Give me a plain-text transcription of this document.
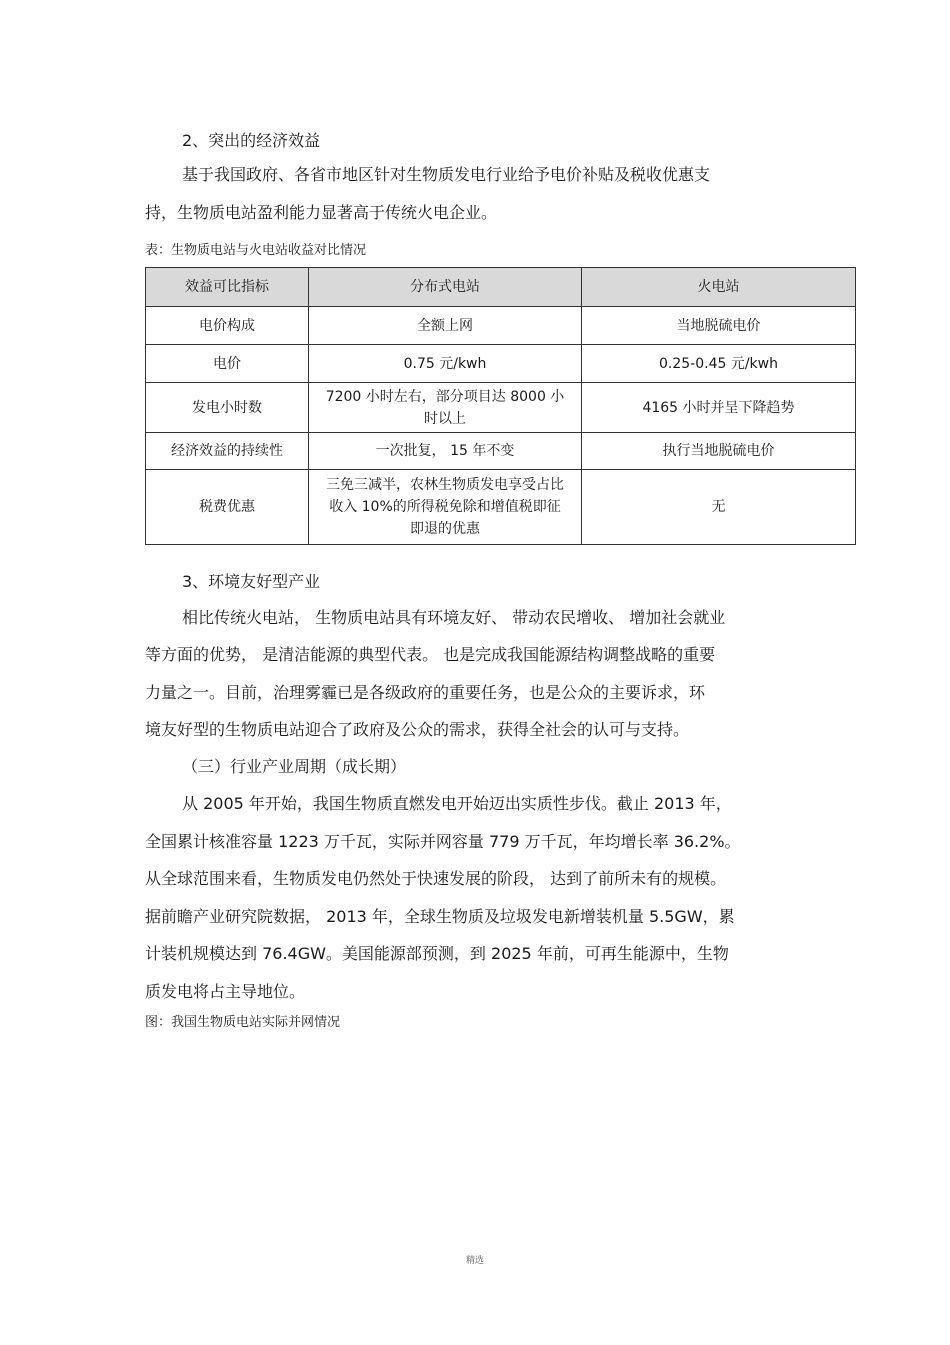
2、突出的经济效益
基于我国政府、各省市地区针对生物质发电行业给予电价补贴及税收优惠支
持，生物质电站盈利能力显著高于传统火电企业。
表：生物质电站与火电站收益对比情况
效益可比指标	分布式电站	火电站
电价构成	全额上网	当地脱硫电价
电价	0.75 元/kwh	0.25-0.45 元/kwh
发电小时数	7200 小时左右，部分项目达 8000 小时以上	4165 小时并呈下降趋势
经济效益的持续性	一次批复， 15 年不变	执行当地脱硫电价
税费优惠	三免三减半，农林生物质发电享受占比收入 10%的所得税免除和增值税即征即退的优惠	无
3、环境友好型产业
相比传统火电站， 生物质电站具有环境友好、 带动农民增收、 增加社会就业
等方面的优势， 是清洁能源的典型代表。 也是完成我国能源结构调整战略的重要
力量之一。目前，治理雾霾已是各级政府的重要任务，也是公众的主要诉求，环
境友好型的生物质电站迎合了政府及公众的需求，获得全社会的认可与支持。
（三）行业产业周期（成长期）
从 2005 年开始，我国生物质直燃发电开始迈出实质性步伐。截止 2013 年，
全国累计核准容量 1223 万千瓦，实际并网容量 779 万千瓦，年均增长率 36.2%。
从全球范围来看，生物质发电仍然处于快速发展的阶段， 达到了前所未有的规模。
据前瞻产业研究院数据， 2013 年，全球生物质及垃圾发电新增装机量 5.5GW，累
计装机规模达到 76.4GW。美国能源部预测，到 2025 年前，可再生能源中，生物
质发电将占主导地位。
图：我国生物质电站实际并网情况
精选
